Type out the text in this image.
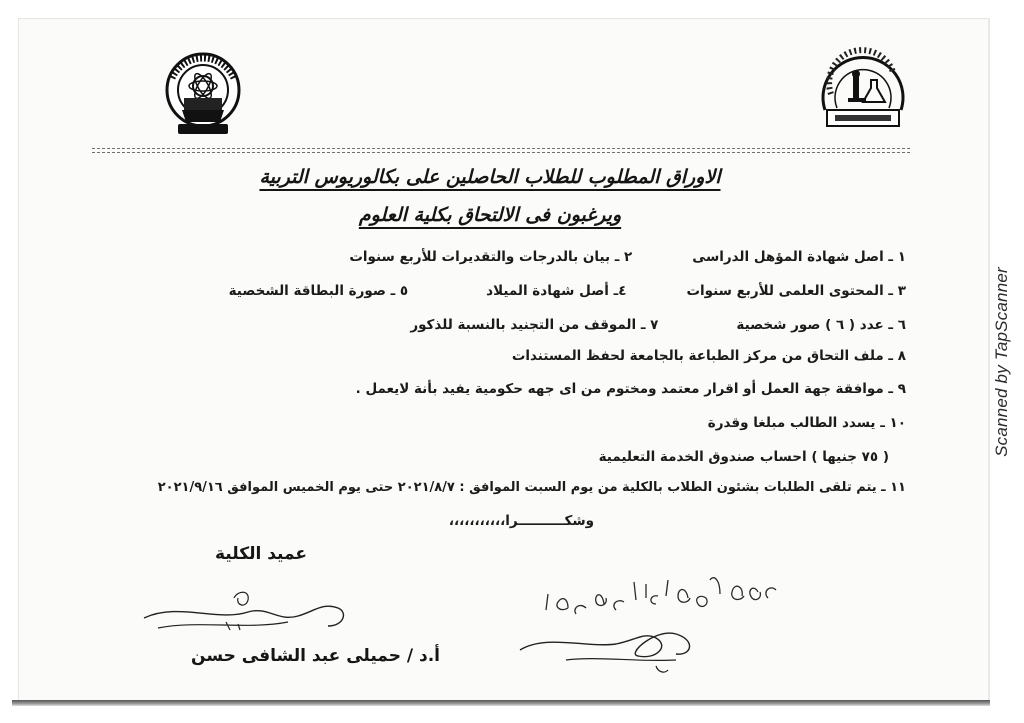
Scanned by TapScanner
الاوراق المطلوب للطلاب الحاصلين على بكالوريوس التربية
ويرغبون فى الالتحاق بكلية العلوم
١ ـ اصل شهادة المؤهل الدراسى٢ ـ بيان بالدرجات والتقديرات للأربع سنوات
٣ ـ المحتوى العلمى للأربع سنوات٤ـ أصل شهادة الميلاد٥ ـ صورة البطاقة الشخصية
٦ ـ عدد ( ٦ ) صور شخصية٧ ـ الموقف من التجنيد بالنسبة للذكور
٨ ـ ملف التحاق من مركز الطباعة بالجامعة لحفظ المستندات
٩ ـ موافقة جهة العمل أو اقرار معتمد ومختوم من اى جهه حكومية يفيد بأنة لايعمل .
١٠ ـ يسدد الطالب مبلغا وقدرة
( ٧٥ جنيها ) احساب صندوق الخدمة التعليمية
١١ ـ يتم تلقى الطلبات بشئون الطلاب بالكلية من يوم السبت الموافق : ٢٠٢١/٨/٧ حتى يوم الخميس الموافق ٢٠٢١/٩/١٦
وشكــــــــــرا،،،،،،،،،،،
عميد الكلية
أ.د / حميلى عبد الشافى حسن
